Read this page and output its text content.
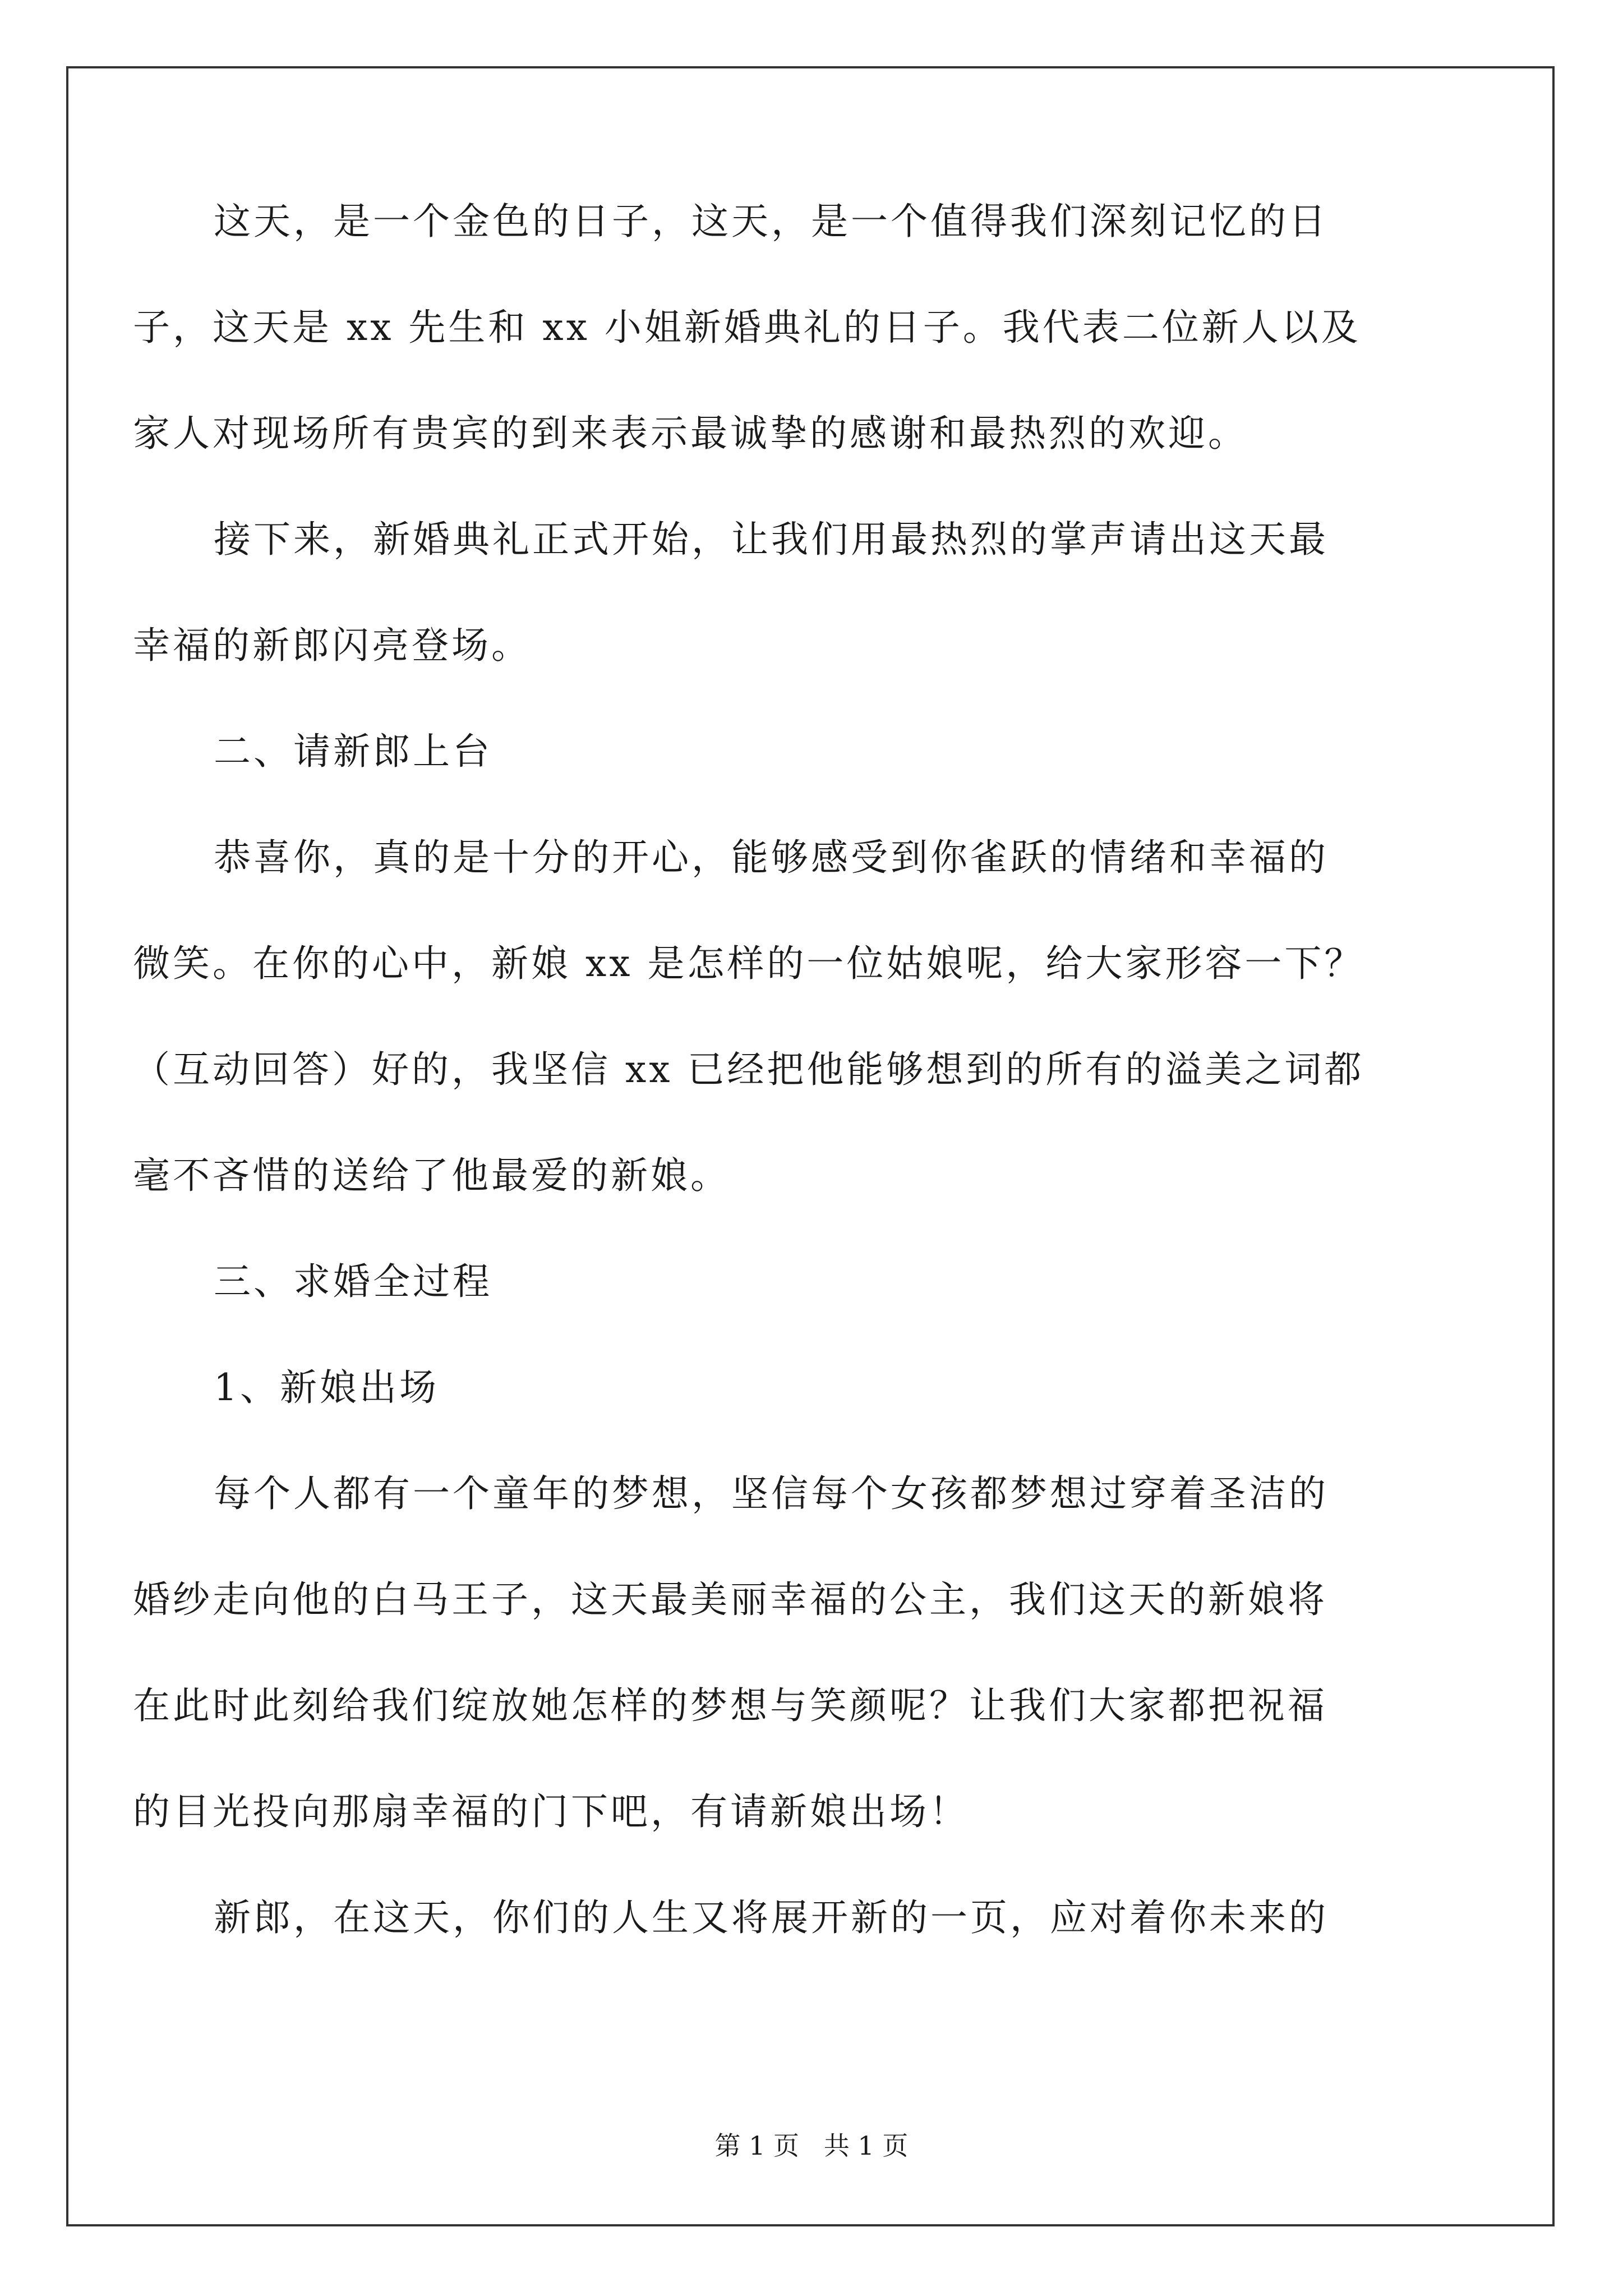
这天，是一个金色的日子，这天，是一个值得我们深刻记忆的日
子，这天是 xx 先生和 xx 小姐新婚典礼的日子。我代表二位新人以及
家人对现场所有贵宾的到来表示最诚挚的感谢和最热烈的欢迎。
接下来，新婚典礼正式开始，让我们用最热烈的掌声请出这天最
幸福的新郎闪亮登场。
二、请新郎上台
恭喜你，真的是十分的开心，能够感受到你雀跃的情绪和幸福的
微笑。在你的心中，新娘 xx 是怎样的一位姑娘呢，给大家形容一下？
（互动回答）好的，我坚信 xx 已经把他能够想到的所有的溢美之词都
毫不吝惜的送给了他最爱的新娘。
三、求婚全过程
1、新娘出场
每个人都有一个童年的梦想，坚信每个女孩都梦想过穿着圣洁的
婚纱走向他的白马王子，这天最美丽幸福的公主，我们这天的新娘将
在此时此刻给我们绽放她怎样的梦想与笑颜呢？让我们大家都把祝福
的目光投向那扇幸福的门下吧，有请新娘出场！
新郎，在这天，你们的人生又将展开新的一页，应对着你未来的
第 1 页   共 1 页
